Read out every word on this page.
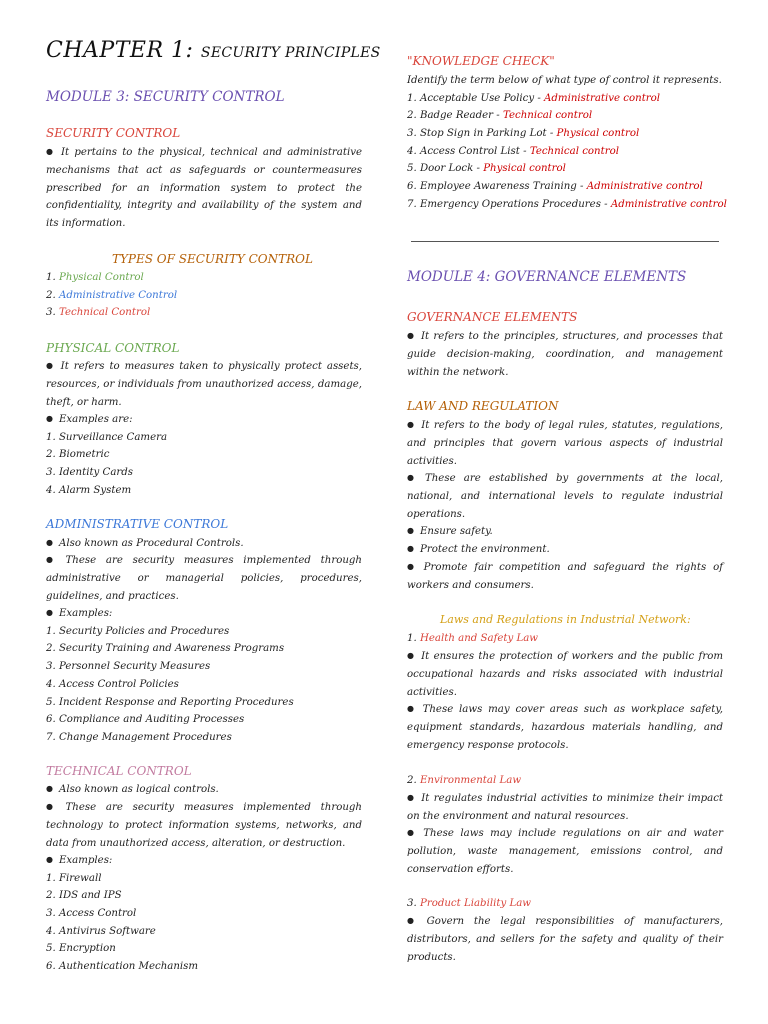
CHAPTER 1: SECURITY PRINCIPLES
MODULE 3: SECURITY CONTROL
SECURITY CONTROL
● It pertains to the physical, technical and administrative mechanisms that act as safeguards or countermeasures prescribed for an information system to protect the confidentiality, integrity and availability of the system and its information.
TYPES OF SECURITY CONTROL
1. Physical Control
2. Administrative Control
3. Technical Control
PHYSICAL CONTROL
● It refers to measures taken to physically protect assets, resources, or individuals from unauthorized access, damage, theft, or harm.
● Examples are:
1. Surveillance Camera
2. Biometric
3. Identity Cards
4. Alarm System
ADMINISTRATIVE CONTROL
● Also known as Procedural Controls.
● These are security measures implemented through administrative or managerial policies, procedures, guidelines, and practices.
● Examples:
1. Security Policies and Procedures
2. Security Training and Awareness Programs
3. Personnel Security Measures
4. Access Control Policies
5. Incident Response and Reporting Procedures
6. Compliance and Auditing Processes
7. Change Management Procedures
TECHNICAL CONTROL
● Also known as logical controls.
● These are security measures implemented through technology to protect information systems, networks, and data from unauthorized access, alteration, or destruction.
● Examples:
1. Firewall
2. IDS and IPS
3. Access Control
4. Antivirus Software
5. Encryption
6. Authentication Mechanism
"KNOWLEDGE CHECK"
Identify the term below of what type of control it represents.
1. Acceptable Use Policy - Administrative control
2. Badge Reader - Technical control
3. Stop Sign in Parking Lot - Physical control
4. Access Control List - Technical control
5. Door Lock - Physical control
6. Employee Awareness Training - Administrative control
7. Emergency Operations Procedures - Administrative control
MODULE 4: GOVERNANCE ELEMENTS
GOVERNANCE ELEMENTS
● It refers to the principles, structures, and processes that guide decision-making, coordination, and management within the network.
LAW AND REGULATION
● It refers to the body of legal rules, statutes, regulations, and principles that govern various aspects of industrial activities.
● These are established by governments at the local, national, and international levels to regulate industrial operations.
● Ensure safety.
● Protect the environment.
● Promote fair competition and safeguard the rights of workers and consumers.
Laws and Regulations in Industrial Network:
1. Health and Safety Law
● It ensures the protection of workers and the public from occupational hazards and risks associated with industrial activities.
● These laws may cover areas such as workplace safety, equipment standards, hazardous materials handling, and emergency response protocols.
2. Environmental Law
● It regulates industrial activities to minimize their impact on the environment and natural resources.
● These laws may include regulations on air and water pollution, waste management, emissions control, and conservation efforts.
3. Product Liability Law
● Govern the legal responsibilities of manufacturers, distributors, and sellers for the safety and quality of their products.
